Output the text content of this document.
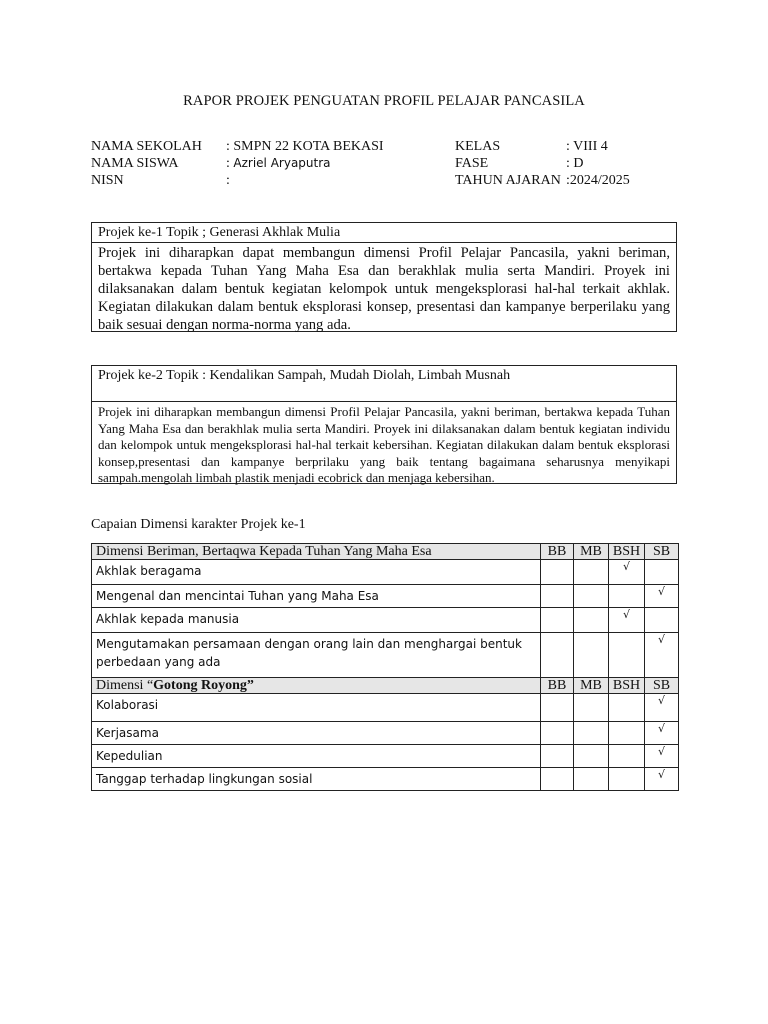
RAPOR PROJEK PENGUATAN PROFIL PELAJAR PANCASILA
NAMA SEKOLAH : SMPN 22 KOTA BEKASI	KELAS	: VIII 4
NAMA SISWA	: Azriel Aryaputra	FASE	: D
NISN	:	TAHUN AJARAN :2024/2025
Projek ke-1 Topik ; Generasi Akhlak Mulia
Projek ini diharapkan dapat membangun dimensi Profil Pelajar Pancasila, yakni beriman, bertakwa kepada Tuhan Yang Maha Esa dan berakhlak mulia serta Mandiri. Proyek ini dilaksanakan dalam bentuk kegiatan kelompok untuk mengeksplorasi hal-hal terkait akhlak. Kegiatan dilakukan dalam bentuk eksplorasi konsep, presentasi dan kampanye berperilaku yang baik sesuai dengan norma-norma yang ada.
Projek ke-2 Topik : Kendalikan Sampah, Mudah Diolah, Limbah Musnah
Projek ini diharapkan membangun dimensi Profil Pelajar Pancasila, yakni beriman, bertakwa kepada Tuhan Yang Maha Esa dan berakhlak mulia serta Mandiri. Proyek ini dilaksanakan dalam bentuk kegiatan individu dan kelompok untuk mengeksplorasi hal-hal terkait kebersihan. Kegiatan dilakukan dalam bentuk eksplorasi konsep,presentasi dan kampanye berprilaku yang baik tentang bagaimana seharusnya menyikapi sampah.mengolah limbah plastik menjadi ecobrick dan menjaga kebersihan.
Capaian Dimensi karakter Projek ke-1
Dimensi Beriman, Bertaqwa Kepada Tuhan Yang Maha Esa	BB	MB	BSH	SB

Akhlak beragama			√	

Mengenal dan mencintai Tuhan yang Maha Esa				√

Akhlak kepada manusia			√	

Mengutamakan persamaan dengan orang lain dan menghargai bentuk perbedaan yang ada				√
Dimensi “Gotong Royong”	BB	MB	BSH	SB

Kolaborasi				√

Kerjasama				√

Kepedulian				√

Tanggap terhadap lingkungan sosial				√
